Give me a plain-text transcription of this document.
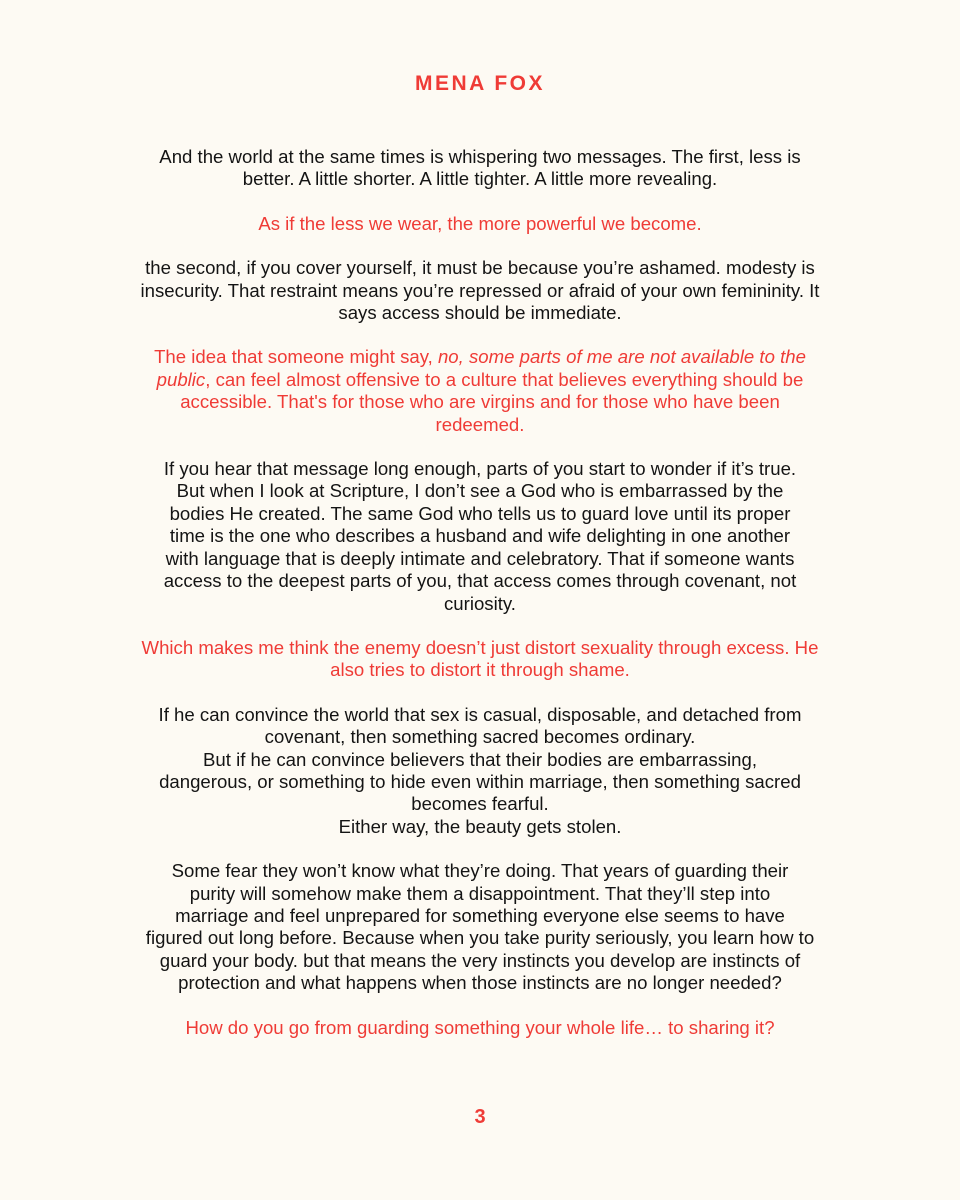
MENA FOX

And the world at the same times is whispering two messages. The first, less is
better. A little shorter. A little tighter. A little more revealing.

As if the less we wear, the more powerful we become.

the second, if you cover yourself, it must be because you’re ashamed. modesty is
insecurity. That restraint means you’re repressed or afraid of your own femininity. It
says access should be immediate.

The idea that someone might say, no, some parts of me are not available to the
public, can feel almost offensive to a culture that believes everything should be
accessible. That's for those who are virgins and for those who have been
redeemed.

If you hear that message long enough, parts of you start to wonder if it’s true.
But when I look at Scripture, I don’t see a God who is embarrassed by the
bodies He created. The same God who tells us to guard love until its proper
time is the one who describes a husband and wife delighting in one another
with language that is deeply intimate and celebratory. That if someone wants
access to the deepest parts of you, that access comes through covenant, not
curiosity.

Which makes me think the enemy doesn’t just distort sexuality through excess. He
also tries to distort it through shame.

If he can convince the world that sex is casual, disposable, and detached from
covenant, then something sacred becomes ordinary.
But if he can convince believers that their bodies are embarrassing,
dangerous, or something to hide even within marriage, then something sacred
becomes fearful.
Either way, the beauty gets stolen.

Some fear they won’t know what they’re doing. That years of guarding their
purity will somehow make them a disappointment. That they’ll step into
marriage and feel unprepared for something everyone else seems to have
figured out long before. Because when you take purity seriously, you learn how to
guard your body. but that means the very instincts you develop are instincts of
protection and what happens when those instincts are no longer needed?

How do you go from guarding something your whole life… to sharing it?

3
